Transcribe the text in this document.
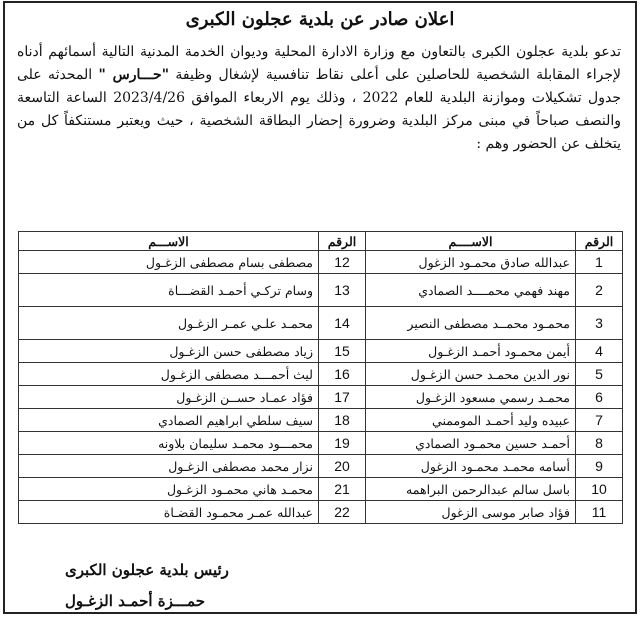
اعلان صادر عن بلدية عجلون الكبرى
تدعو بلدية عجلون الكبرى بالتعاون مع وزارة الادارة المحلية وديوان الخدمة المدنية التالية أسمائهم أدناه لإجراء المقابلة الشخصية للحاصلين على أعلى نقاط تنافسية لإشغال وظيفة "حـــارس " المحدثه على جدول تشكيلات وموازنة البلدية للعام 2022 ، وذلك يوم الاربعاء الموافق 2023/4/26 الساعة التاسعة والنصف صباحاً في مبنى مركز البلدية وضرورة إحضار البطاقة الشخصية ، حيث ويعتبر مستنكفاً كل من يتخلف عن الحضور وهم :
الرقم	الاســــم	الرقم	الاســـم
1	عبدالله صادق محمـود الزغول	12	مصطفى بسام مصطفى الزغـول
2	مهند فهمي محمــــد الصمادي	13	وسام تركـي أحمـد القضـــاة
3	محمـود محمــد مصطفى النصير	14	محمـد علـي عمـر الزغـول
4	أيمن محمـود أحمـد الزغـول	15	زياد مصطفى حسن الزغـول
5	نور الدين محمـد حسن الزغـول	16	ليث أحمـــد مصطفى الزغـول
6	محمـد رسمي مسعود الزغـول	17	فؤاد عمـاد حســن الزغـول
7	عبيده وليد أحمـد الموممني	18	سيف سلطي ابراهيم الصمادي
8	أحمـد حسين محمـود الصمادي	19	محمـــود محمـد سليمان بلاونه
9	أسامه محمـد محمـود الزغول	20	نزار محمد مصطفى الزغـول
10	باسل سالم عبدالرحمن البراهمه	21	محمـد هاني محمـود الزغـول
11	فؤاد صابر موسى الزغول	22	عبدالله عمـر محمـود القضـاة
رئيس بلدية عجلون الكبرى
حمـــزة أحمـد الزغـول
